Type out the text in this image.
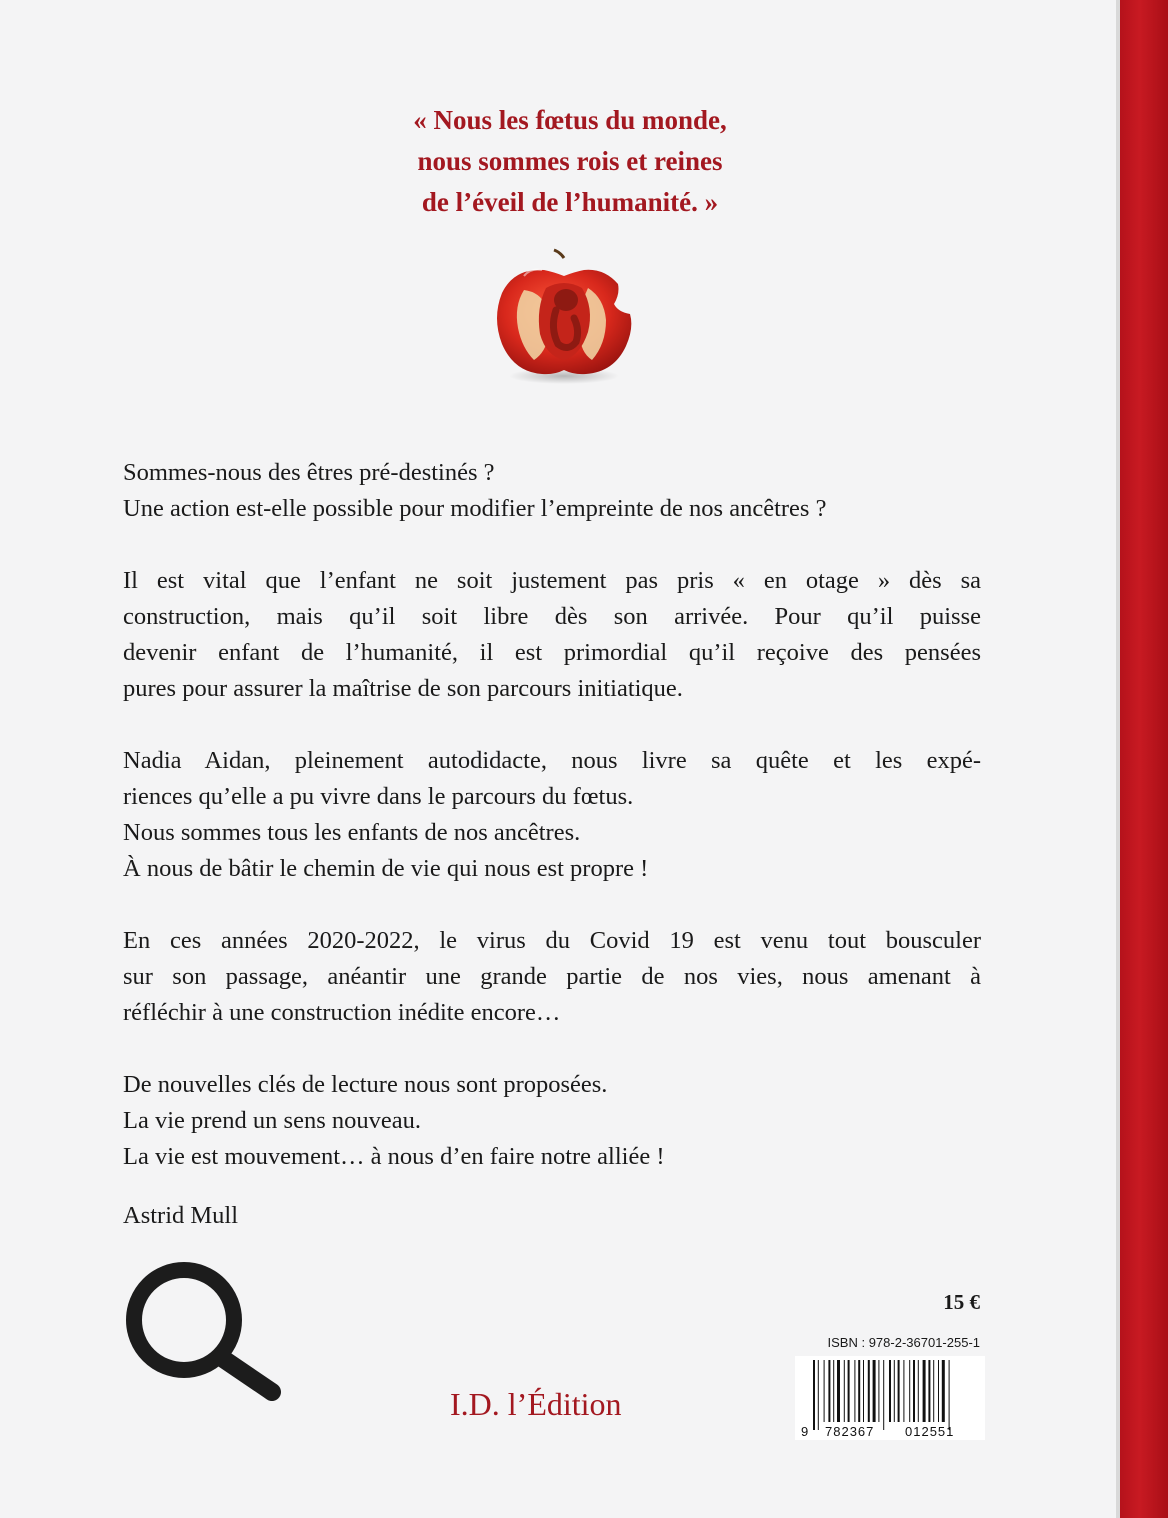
« Nous les fœtus du monde,
nous sommes rois et reines
de l’éveil de l’humanité. »
Sommes-nous des êtres pré-destinés ?
Une action est-elle possible pour modifier l’empreinte de nos ancêtres ?
Il est vital que l’enfant ne soit justement pas pris « en otage » dès sa
construction, mais qu’il soit libre dès son arrivée. Pour qu’il puisse
devenir enfant de l’humanité, il est primordial qu’il reçoive des pensées
pures pour assurer la maîtrise de son parcours initiatique.
Nadia Aidan, pleinement autodidacte, nous livre sa quête et les expé-
riences qu’elle a pu vivre dans le parcours du fœtus.
Nous sommes tous les enfants de nos ancêtres.
À nous de bâtir le chemin de vie qui nous est propre !
En ces années 2020-2022, le virus du Covid 19 est venu tout bousculer
sur son passage, anéantir une grande partie de nos vies, nous amenant à
réfléchir à une construction inédite encore…
De nouvelles clés de lecture nous sont proposées.
La vie prend un sens nouveau.
La vie est mouvement… à nous d’en faire notre alliée !
Astrid Mull
15 €
ISBN : 978-2-36701-255-1
9 782367 012551
I.D. l’Édition
